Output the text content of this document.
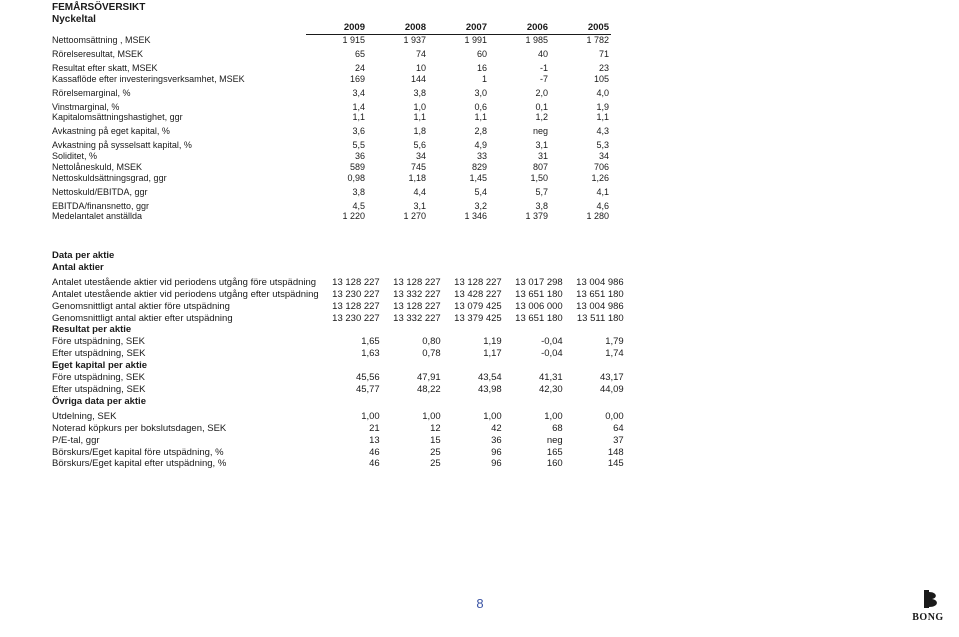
FEMÅRSÖVERSIKT
Nyckeltal
	2009	2008	2007	2006	2005
Nettoomsättning , MSEK	1 915	1 937	1 991	1 985	1 782

Rörelseresultat, MSEK	65	74	60	40	71

Resultat efter skatt, MSEK	24	10	16	-1	23
Kassaflöde efter investeringsverksamhet, MSEK	169	144	1	-7	105

Rörelsemarginal, %	3,4	3,8	3,0	2,0	4,0

Vinstmarginal, %	1,4	1,0	0,6	0,1	1,9
Kapitalomsättningshastighet, ggr	1,1	1,1	1,1	1,2	1,1

Avkastning på eget kapital, %	3,6	1,8	2,8	neg	4,3

Avkastning på sysselsatt kapital, %	5,5	5,6	4,9	3,1	5,3
Soliditet, %	36	34	33	31	34
Nettolåneskuld, MSEK	589	745	829	807	706
Nettoskuldsättningsgrad, ggr	0,98	1,18	1,45	1,50	1,26

Nettoskuld/EBITDA, ggr	3,8	4,4	5,4	5,7	4,1

EBITDA/finansnetto, ggr	4,5	3,1	3,2	3,8	4,6
Medelantalet anställda	1 220	1 270	1 346	1 379	1 280
Data per aktie					
Antal aktier					

Antalet utestående aktier vid periodens utgång före utspädning	13 128 227	13 128 227	13 128 227	13 017 298	13 004 986
Antalet utestående aktier vid periodens utgång efter utspädning	13 230 227	13 332 227	13 428 227	13 651 180	13 651 180
Genomsnittligt antal aktier före utspädning	13 128 227	13 128 227	13 079 425	13 006 000	13 004 986
Genomsnittligt antal aktier efter utspädning	13 230 227	13 332 227	13 379 425	13 651 180	13 511 180
Resultat per aktie					
Före utspädning, SEK	1,65	0,80	1,19	-0,04	1,79
Efter utspädning, SEK	1,63	0,78	1,17	-0,04	1,74
Eget kapital per aktie					
Före utspädning, SEK	45,56	47,91	43,54	41,31	43,17
Efter utspädning, SEK	45,77	48,22	43,98	42,30	44,09
Övriga data per aktie					

Utdelning, SEK	1,00	1,00	1,00	1,00	0,00
Noterad köpkurs per bokslutsdagen, SEK	21	12	42	68	64
P/E-tal, ggr	13	15	36	neg	37
Börskurs/Eget kapital före utspädning, %	46	25	96	165	148
Börskurs/Eget kapital efter utspädning, %	46	25	96	160	145
8
BONG
